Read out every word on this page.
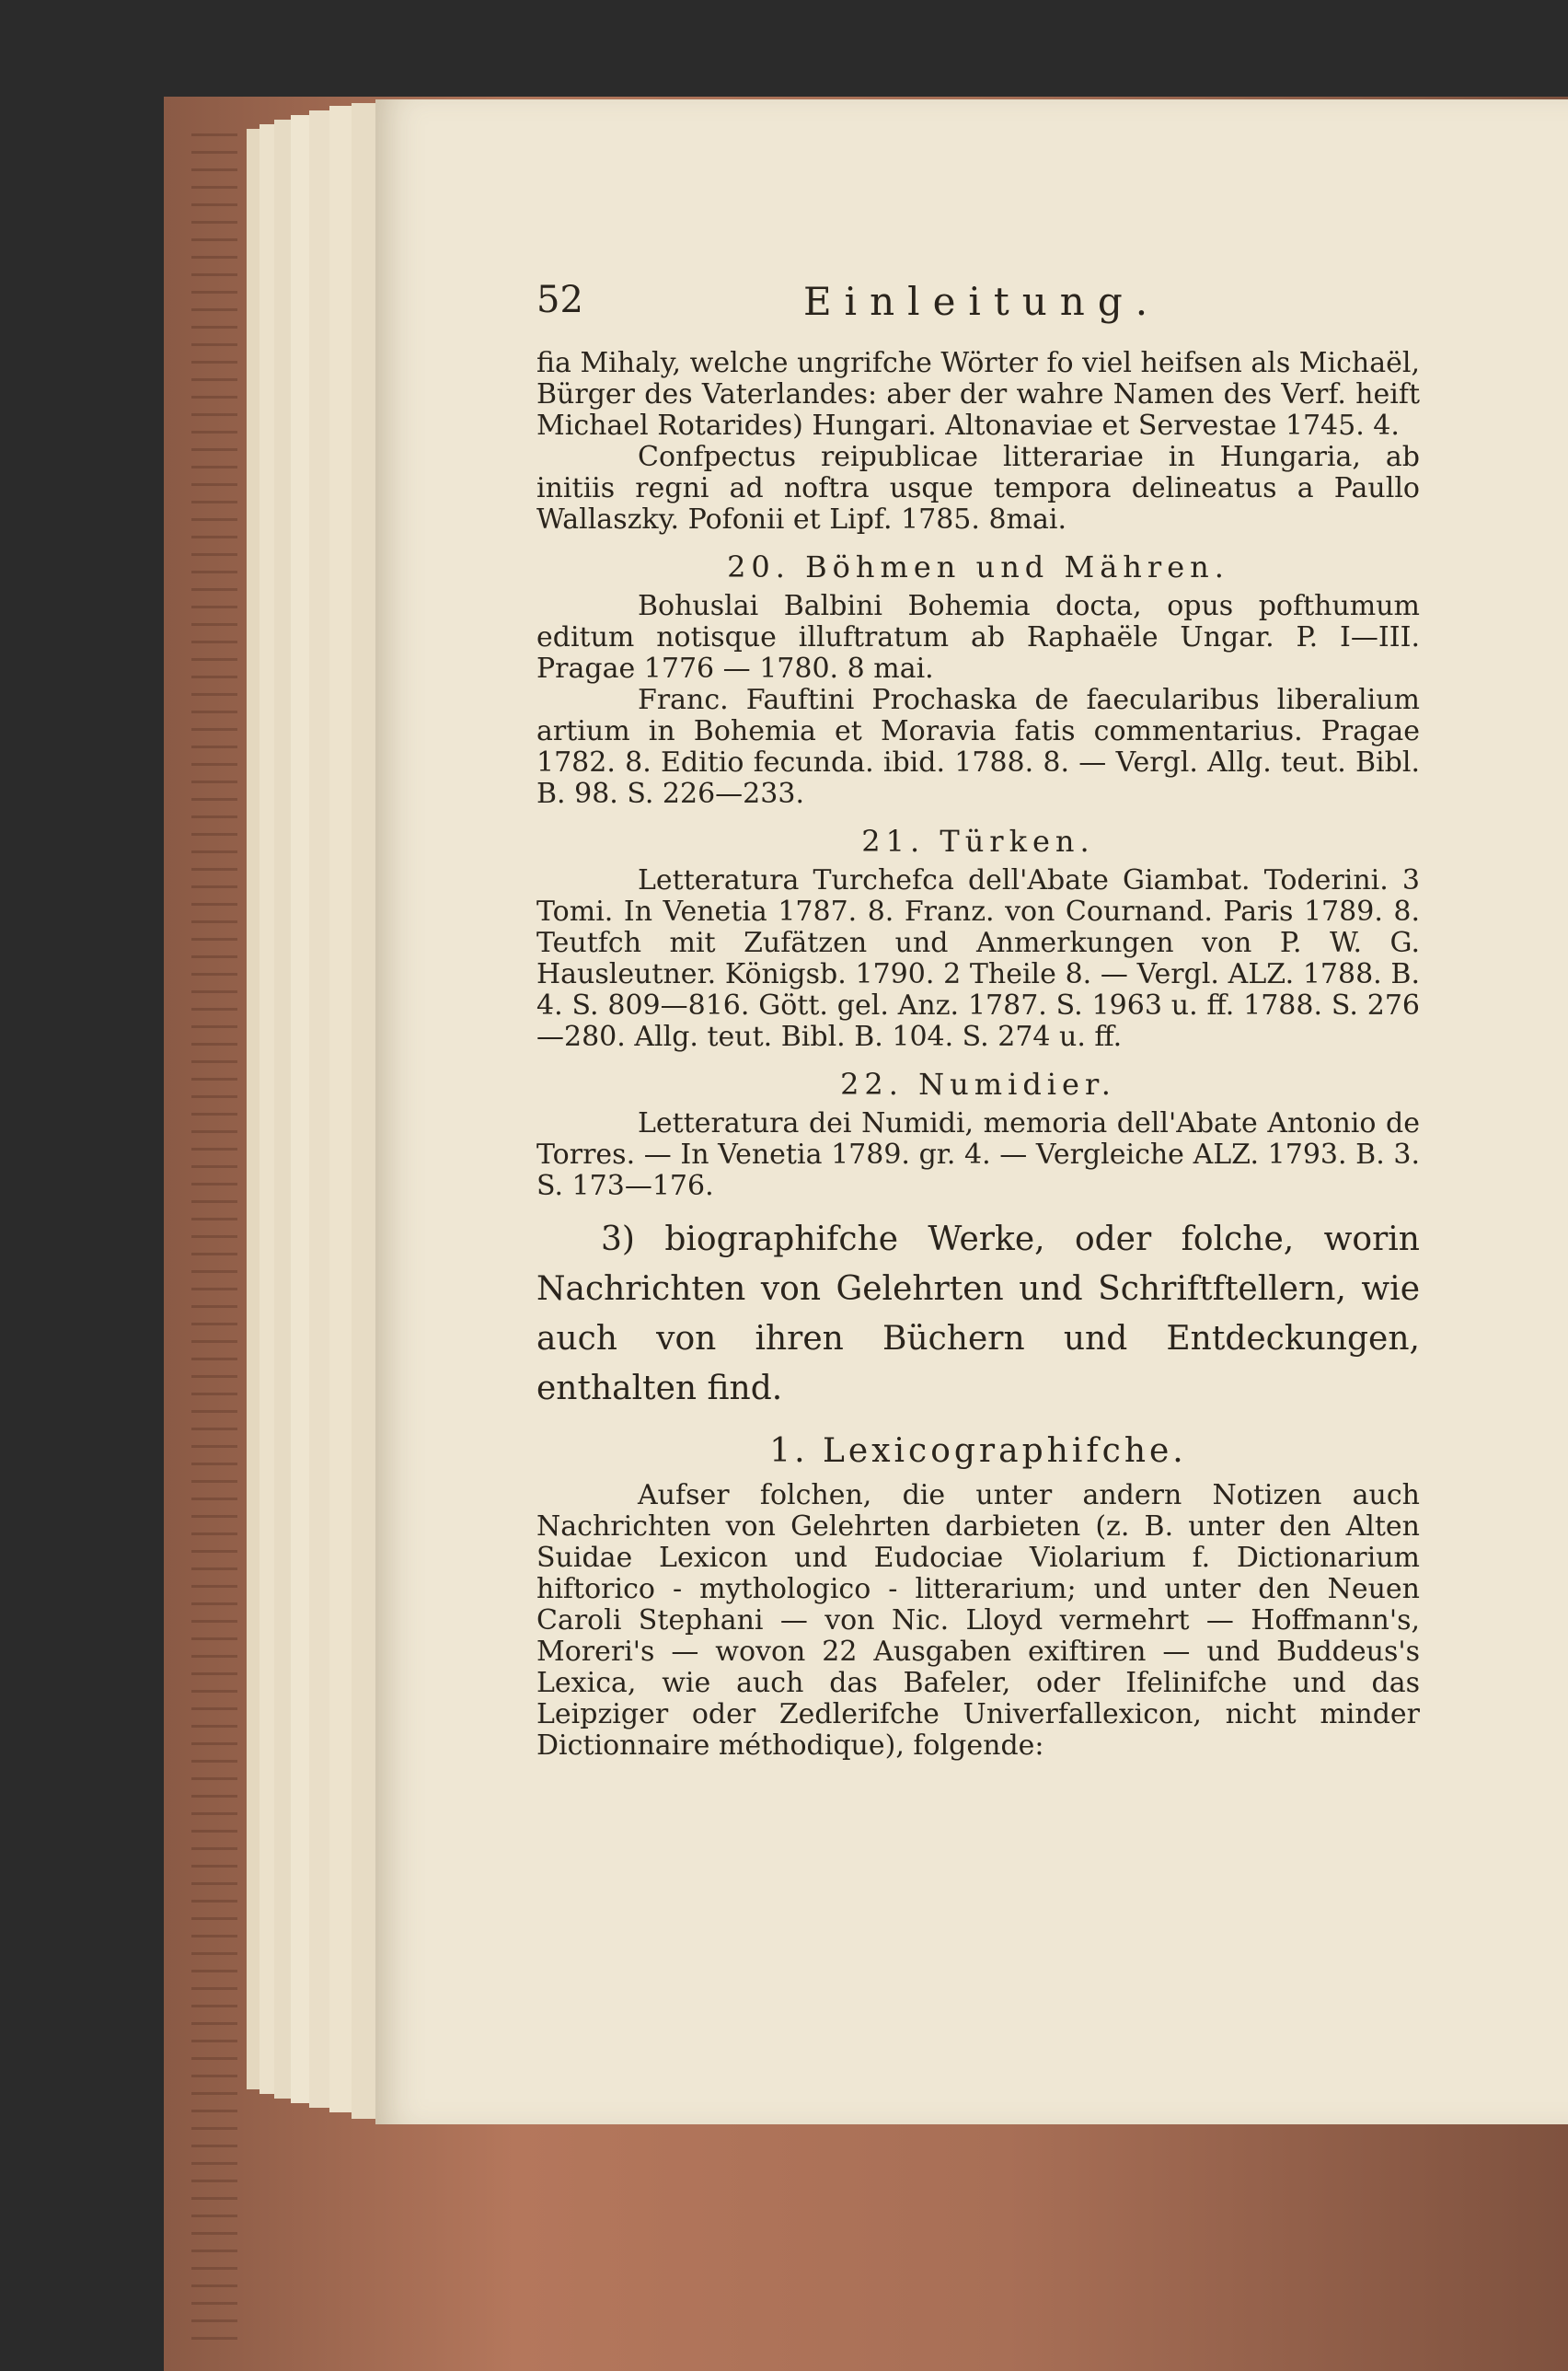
52	Einleitung.

fia Mihaly, welche ungrifche Wörter fo viel heifsen als Michaël, Bürger des Vaterlandes: aber der wahre Namen des Verf. heift Michael Rotarides) Hungari. Altonaviae et Servestae 1745. 4.

Confpectus reipublicae litterariae in Hungaria, ab initiis regni ad noftra usque tempora delineatus a Paullo Wallaszky. Pofonii et Lipf. 1785. 8mai.

20. Böhmen und Mähren.

Bohuslai Balbini Bohemia docta, opus pofthumum editum notisque illuftratum ab Raphaële Ungar. P. I—III. Pragae 1776 — 1780. 8 mai.

Franc. Fauftini Prochaska de faecularibus liberalium artium in Bohemia et Moravia fatis commentarius. Pragae 1782. 8. Editio fecunda. ibid. 1788. 8. — Vergl. Allg. teut. Bibl. B. 98. S. 226—233.

21. Türken.

Letteratura Turchefca dell'Abate Giambat. Toderini. 3 Tomi. In Venetia 1787. 8. Franz. von Cournand. Paris 1789. 8. Teutfch mit Zufätzen und Anmerkungen von P. W. G. Hausleutner. Königsb. 1790. 2 Theile 8. — Vergl. ALZ. 1788. B. 4. S. 809—816. Gött. gel. Anz. 1787. S. 1963 u. ff. 1788. S. 276—280. Allg. teut. Bibl. B. 104. S. 274 u. ff.

22. Numidier.

Letteratura dei Numidi, memoria dell'Abate Antonio de Torres. — In Venetia 1789. gr. 4. — Vergleiche ALZ. 1793. B. 3. S. 173—176.

3) biographifche Werke, oder folche, worin Nachrichten von Gelehrten und Schriftftellern, wie auch von ihren Büchern und Entdeckungen, enthalten find.

1. Lexicographifche.

Aufser folchen, die unter andern Notizen auch Nachrichten von Gelehrten darbieten (z. B. unter den Alten Suidae Lexicon und Eudociae Violarium f. Dictionarium hiftorico - mythologico - litterarium; und unter den Neuen Caroli Stephani — von Nic. Lloyd vermehrt — Hoffmann's, Moreri's — wovon 22 Ausgaben exiftiren — und Buddeus's Lexica, wie auch das Bafeler, oder Ifelinifche und das Leipziger oder Zedlerifche Univerfallexicon, nicht minder Dictionnaire méthodique), folgende:
